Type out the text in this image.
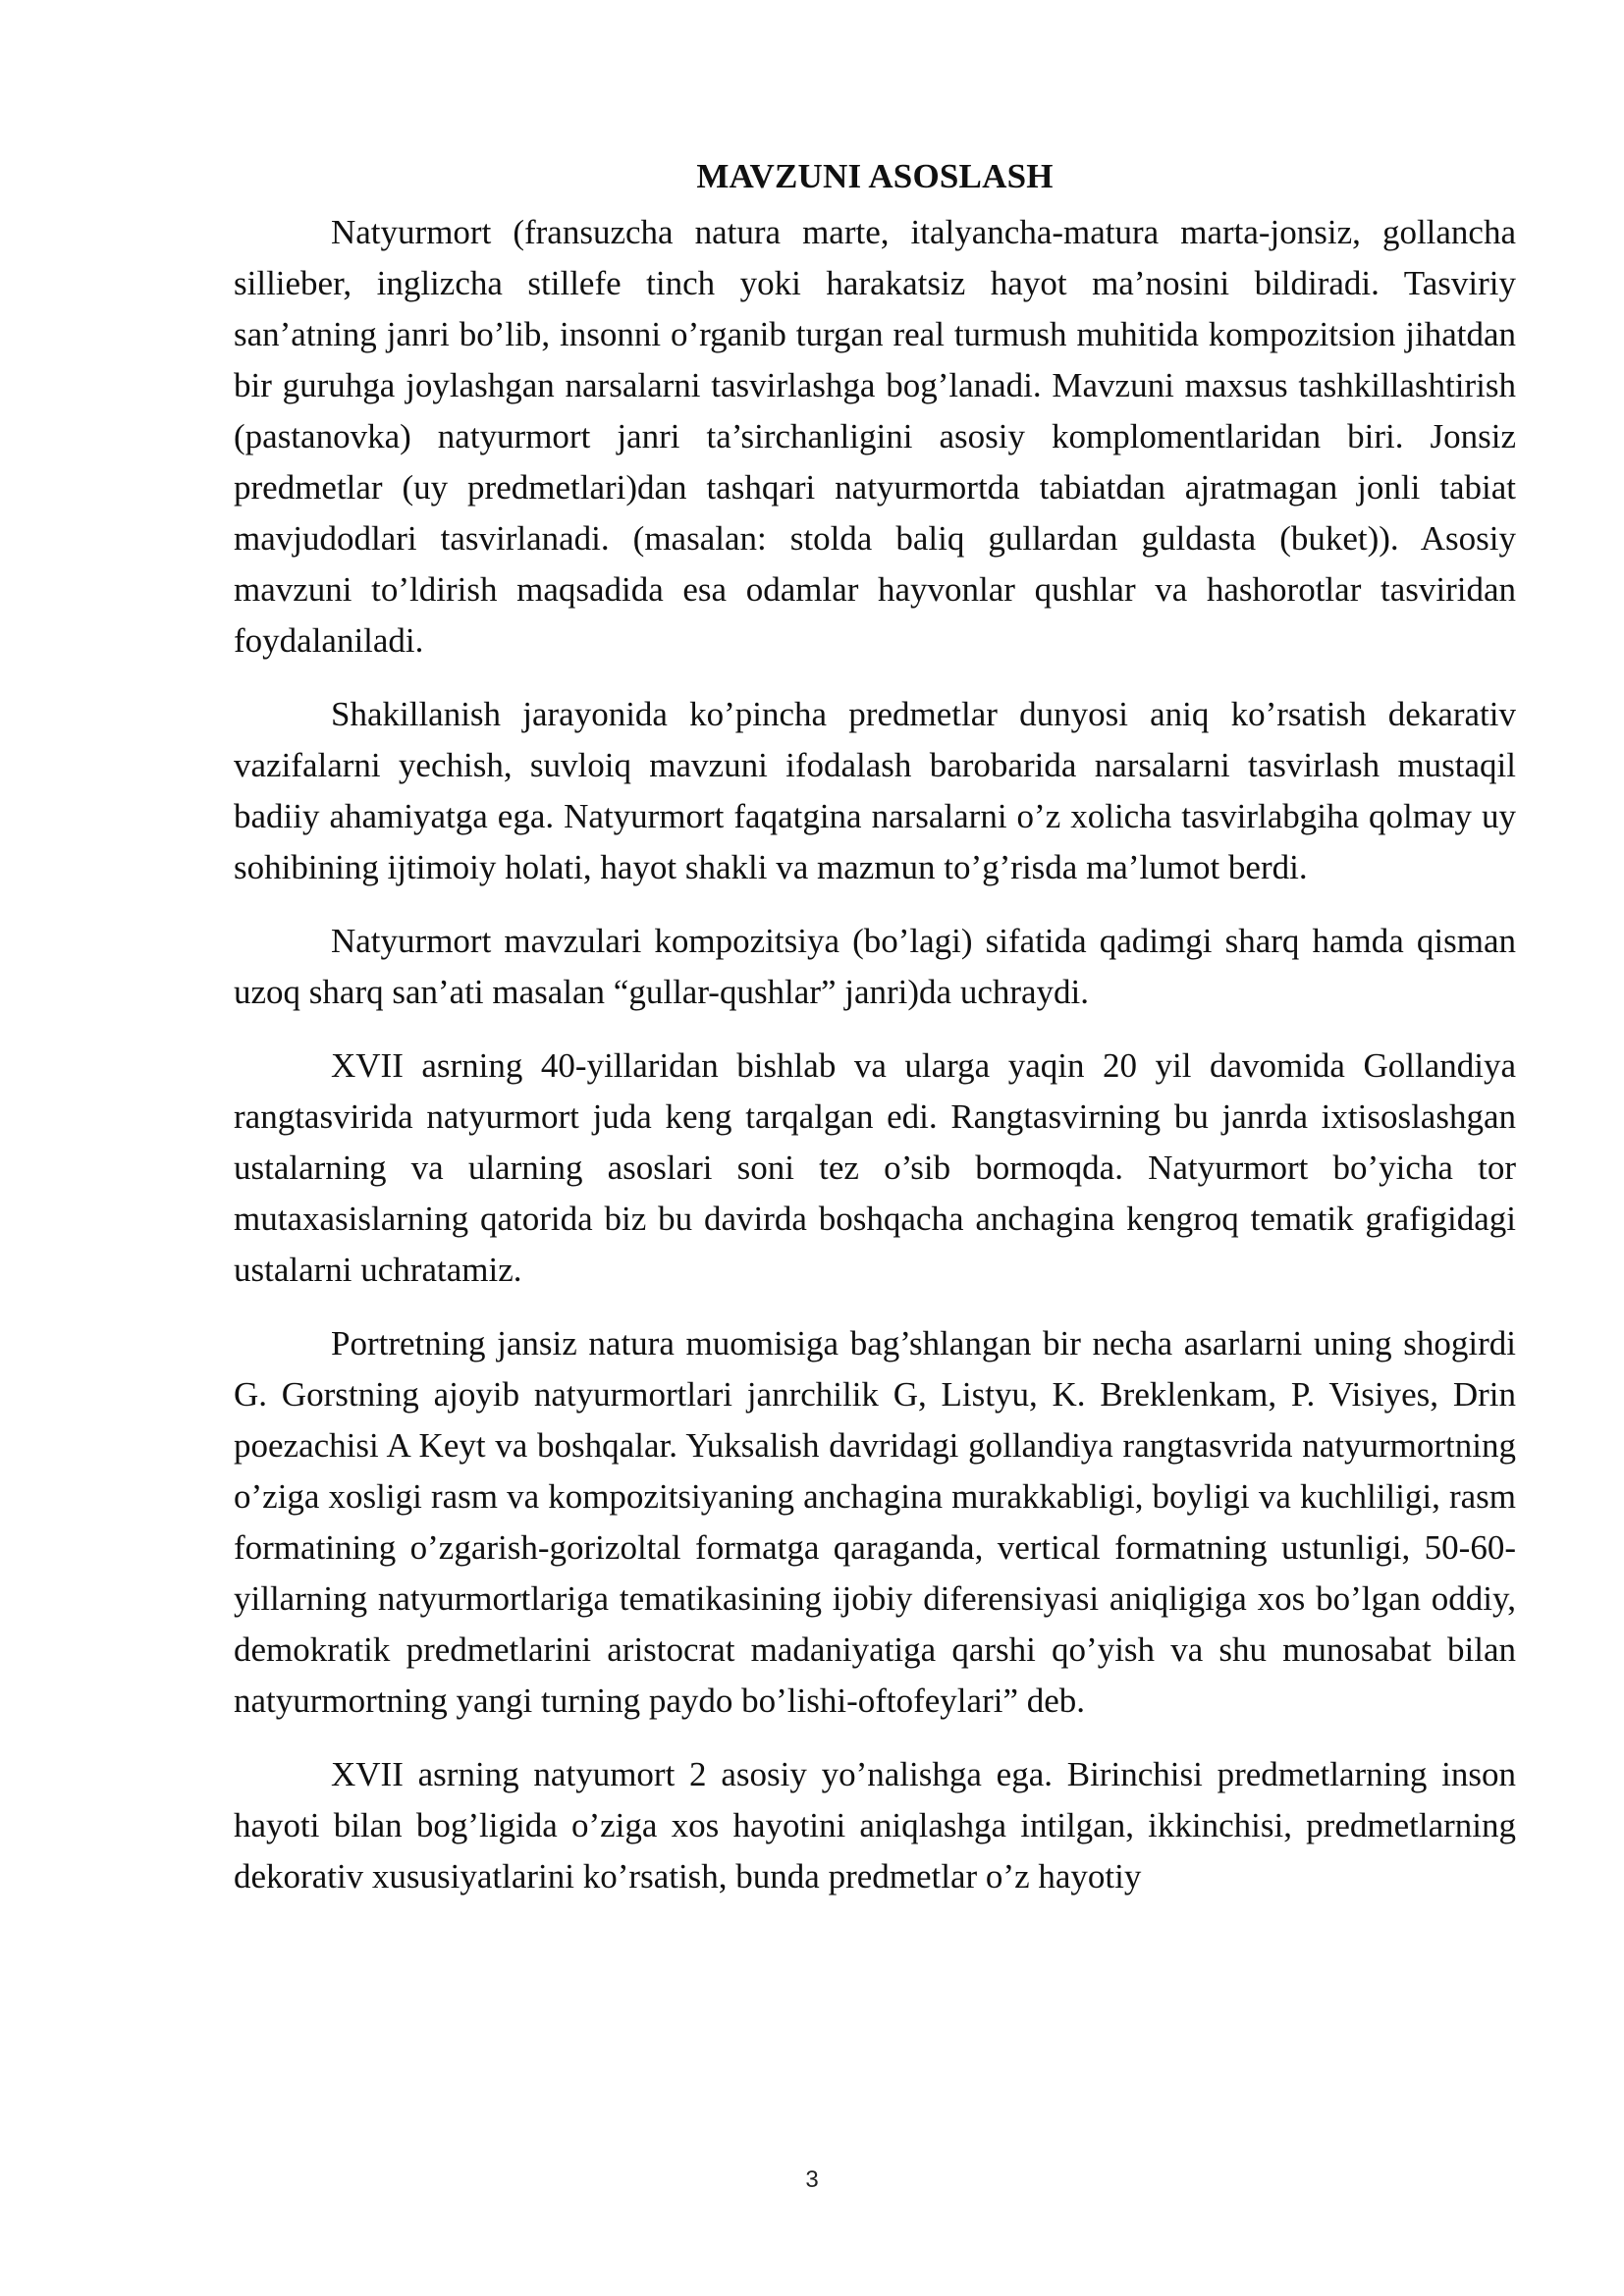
MAVZUNI ASOSLASH

Natyurmort (fransuzcha natura marte, italyancha-matura marta-jonsiz, gollancha sillieber, inglizcha stillefe tinch yoki harakatsiz hayot ma’nosini bildiradi. Tasviriy san’atning janri bo’lib, insonni o’rganib turgan real turmush muhitida kompozitsion jihatdan bir guruhga joylashgan narsalarni tasvirlashga bog’lanadi. Mavzuni maxsus tashkillashtirish (pastanovka) natyurmort janri ta’sirchanligini asosiy komplomentlaridan biri. Jonsiz predmetlar (uy predmetlari)dan tashqari natyurmortda tabiatdan ajratmagan jonli tabiat mavjudodlari tasvirlanadi. (masalan: stolda baliq gullardan guldasta (buket)). Asosiy mavzuni to’ldirish maqsadida esa odamlar hayvonlar qushlar va hashorotlar tasviridan foydalaniladi.

Shakillanish jarayonida ko’pincha predmetlar dunyosi aniq ko’rsatish dekarativ vazifalarni yechish, suvloiq mavzuni ifodalash barobarida narsalarni tasvirlash mustaqil badiiy ahamiyatga ega. Natyurmort faqatgina narsalarni o’z xolicha tasvirlabgiha qolmay uy sohibining ijtimoiy holati, hayot shakli va mazmun to’g’risda ma’lumot berdi.

Natyurmort mavzulari kompozitsiya (bo’lagi) sifatida qadimgi sharq hamda qisman uzoq sharq san’ati masalan “gullar-qushlar” janri)da uchraydi.

XVII asrning 40-yillaridan bishlab va ularga yaqin 20 yil davomida Gollandiya rangtasvirida natyurmort juda keng tarqalgan edi. Rangtasvirning bu janrda ixtisoslashgan ustalarning va ularning asoslari soni tez o’sib bormoqda. Natyurmort bo’yicha tor mutaxasislarning qatorida biz bu davirda boshqacha anchagina kengroq tematik grafigidagi ustalarni uchratamiz.

Portretning jansiz natura muomisiga bag’shlangan bir necha asarlarni uning shogirdi G. Gorstning ajoyib natyurmortlari janrchilik G, Listyu, K. Breklenkam, P. Visiyes, Drin poezachisi A Keyt va boshqalar. Yuksalish davridagi gollandiya rangtasvrida natyurmortning o’ziga xosligi rasm va kompozitsiyaning anchagina murakkabligi, boyligi va kuchliligi, rasm formatining o’zgarish-gorizoltal formatga qaraganda, vertical formatning ustunligi, 50-60-yillarning natyurmortlariga tematikasining ijobiy diferensiyasi aniqligiga xos bo’lgan oddiy, demokratik predmetlarini aristocrat madaniyatiga qarshi qo’yish va shu munosabat bilan natyurmortning yangi turning paydo bo’lishi-oftofeylari” deb.

XVII asrning natyumort 2 asosiy yo’nalishga ega. Birinchisi predmetlarning inson hayoti bilan bog’ligida o’ziga xos hayotini aniqlashga intilgan, ikkinchisi, predmetlarning dekorativ xususiyatlarini ko’rsatish, bunda predmetlar o’z hayotiy

3
